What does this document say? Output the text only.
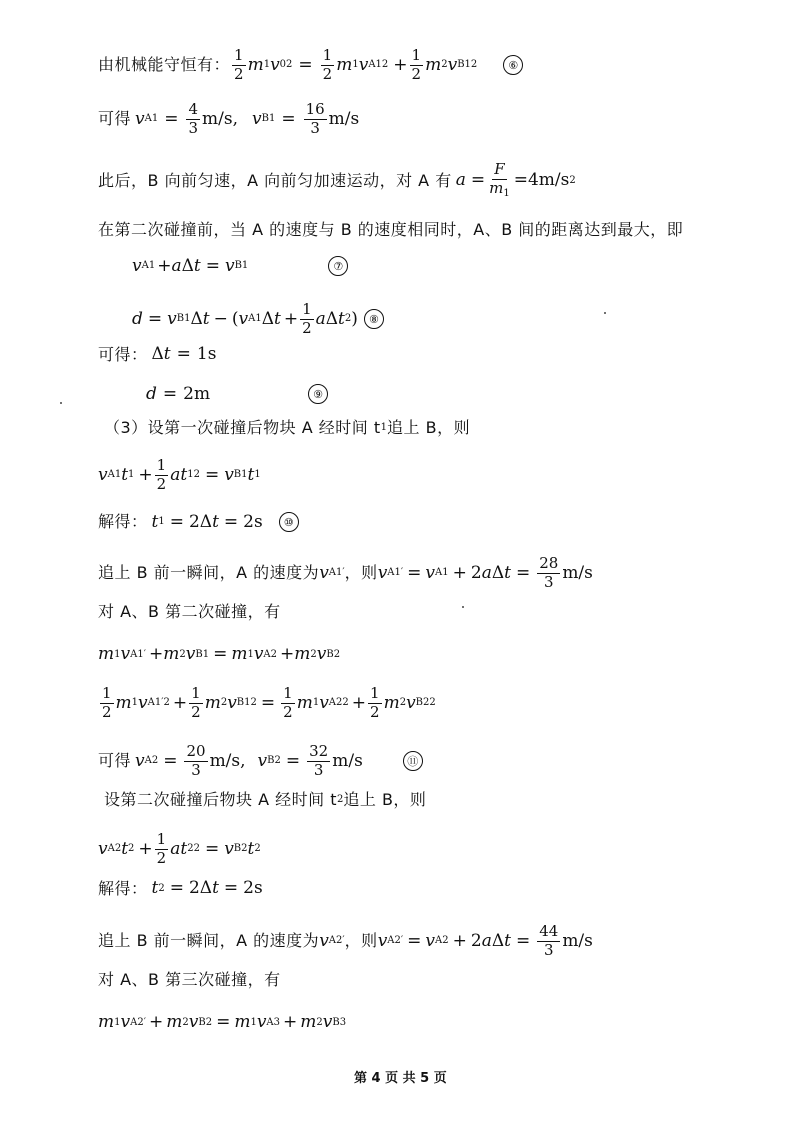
由机械能守恒有： $\frac{1}{2}$ m 1 v 0 $2 = \frac{1}{2}$ m 1 v A1 $2 + \frac{1}{2}$ m 2 v B1 2	⑥
可得 v $A1 = \frac{4}{3} m/s$ , v $B1 = \frac{16}{3} m/s$
此后，B 向前匀速，A 向前匀加速运动，对 A 有 $a = \frac{F}{m_1} = 4m/s$ 2
在第二次碰撞前，当 A 的速度与 B 的速度相同时，A、B 间的距离达到最大，即
v A1 + a Δ t = v B1	⑦
d = v B1 Δ t − ( v A1 Δ $t + \frac{1}{2}$ a Δ t 2 )	⑧
可得： Δ t = 1s
d = 2m	⑨
（3）设第一次碰撞后物块 A 经时间 t 1 追上 B，则
v A1 t $1 + \frac{1}{2}$ at 1 2 = v B1 t 1
解得： t 1 = 2Δ t = 2s	⑩
追上 B 前一瞬间，A 的速度为 v A1 ′ ，则 v A1 ′ = v A1 + 2 a Δ $t = \frac{28}{3} m/s$
对 A、B 第二次碰撞，有
m 1 v A1 ′ + m 2 v B1 = m 1 v A2 + m 2 v B2
$\frac{1}{2}$ m 1 v A1 $'2 + \frac{1}{2}$ m 2 v B1 $2 = \frac{1}{2}$ m 1 v A2 $2 + \frac{1}{2}$ m 2 v B2 2
可得 v $A2 = \frac{20}{3} m/s$ , v $B2 = \frac{32}{3} m/s$	⑪
设第二次碰撞后物块 A 经时间 t 2 追上 B，则
v A2 t $2 + \frac{1}{2}$ at 2 2 = v B2 t 2
解得： t 2 = 2Δ t = 2s
追上 B 前一瞬间，A 的速度为 v A2 ′ ，则 v A2 ′ = v A2 + 2 a Δ $t = \frac{44}{3} m/s$
对 A、B 第三次碰撞，有
m 1 v A2 ′ + m 2 v B2 = m 1 v A3 + m 2 v B3
第 4 页 共 5 页
